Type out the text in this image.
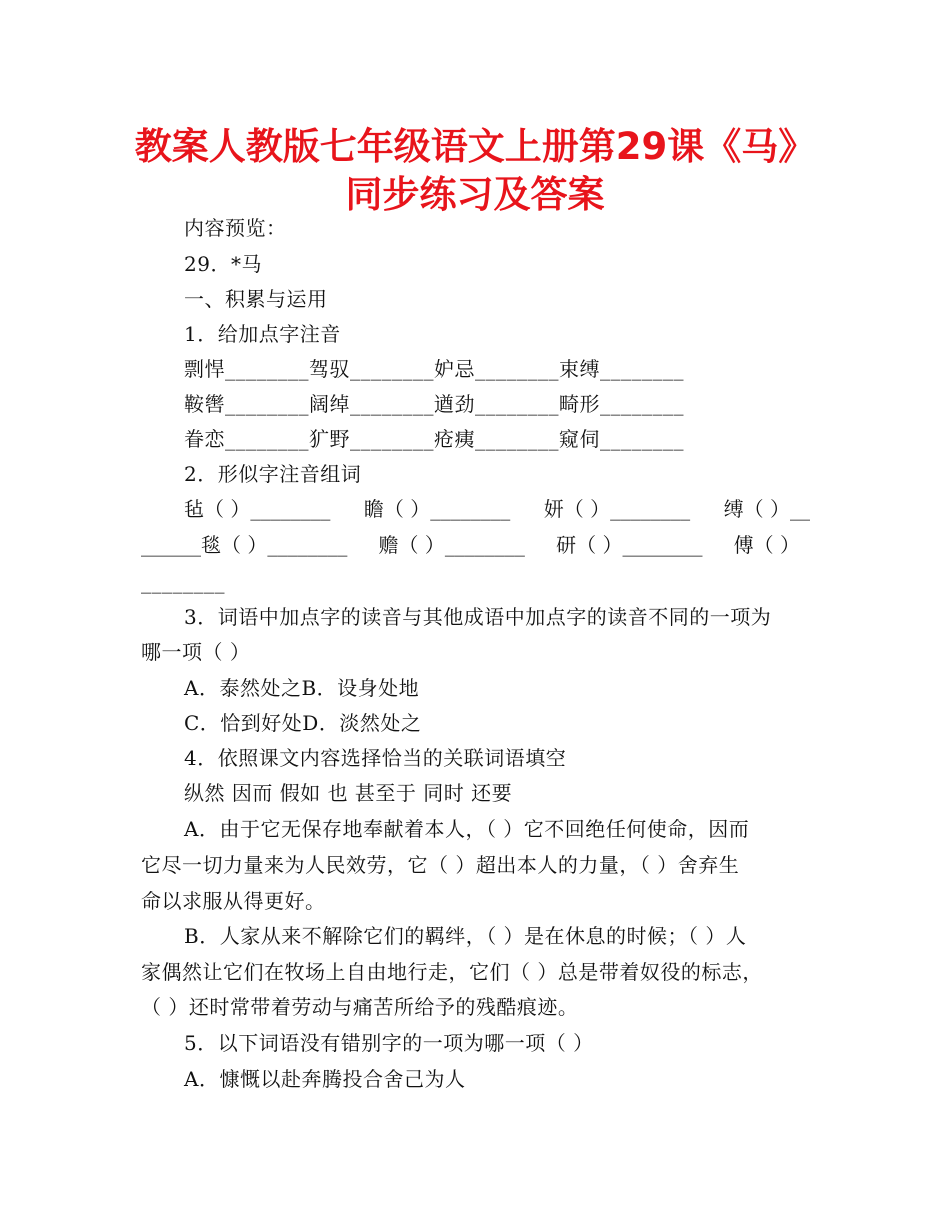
教案人教版七年级语文上册第29课《马》
同步练习及答案
内容预览：
29．*马
一、积累与运用
1．给加点字注音
剽悍________驾驭________妒忌________束缚________
鞍辔________阔绰________遒劲________畸形________
眷恋________犷野________疮痍________窥伺________
2．形似字注音组词
毡（ ）________ 瞻（ ）________ 妍（ ）________ 缚（ ）__
______毯（ ）________ 赡（ ）________ 研（ ）________ 傅（ ）
________
3．词语中加点字的读音与其他成语中加点字的读音不同的一项为
哪一项（ ）
A．泰然处之B．设身处地
C．恰到好处D．淡然处之
4．依照课文内容选择恰当的关联词语填空
纵然 因而 假如 也 甚至于 同时 还要
A．由于它无保存地奉献着本人，（ ）它不回绝任何使命，因而
它尽一切力量来为人民效劳，它（ ）超出本人的力量，（ ）舍弃生
命以求服从得更好。
B．人家从来不解除它们的羁绊，（ ）是在休息的时候；（ ）人
家偶然让它们在牧场上自由地行走，它们（ ）总是带着奴役的标志，
（ ）还时常带着劳动与痛苦所给予的残酷痕迹。
5．以下词语没有错别字的一项为哪一项（ ）
A．慷慨以赴奔腾投合舍己为人
